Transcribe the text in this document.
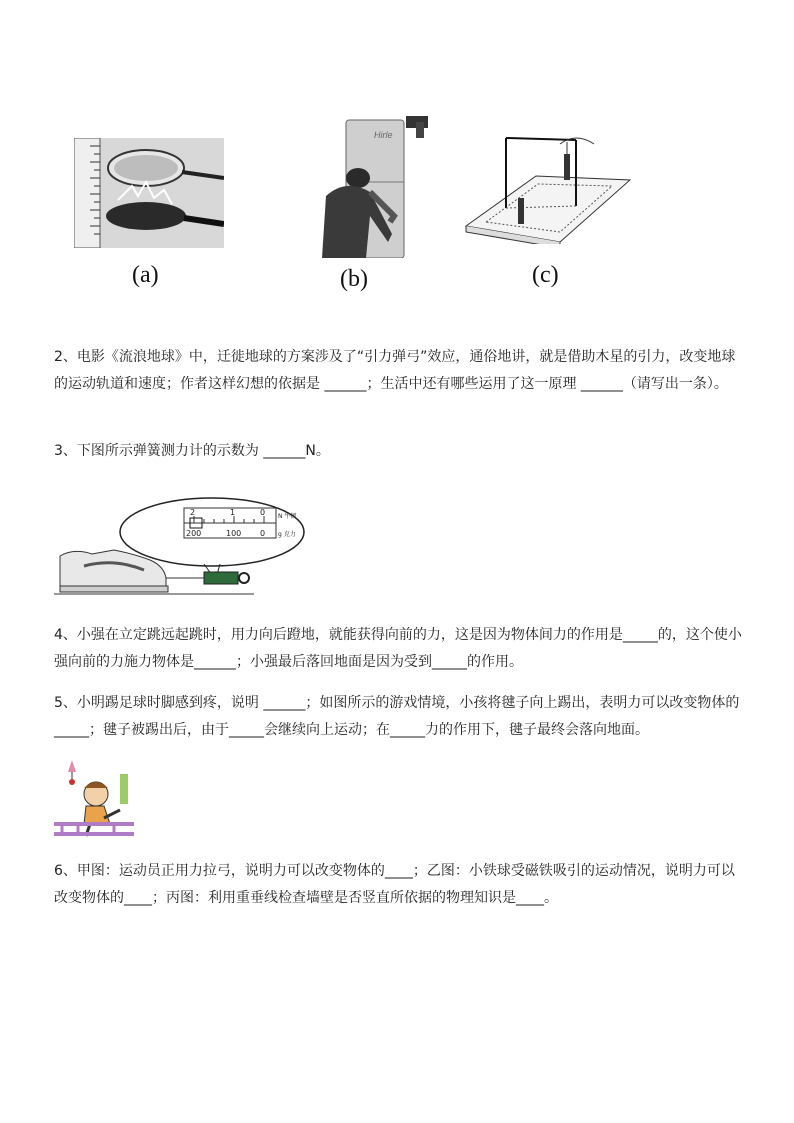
(a)
Hirle
(b)	(c)

2、电影《流浪地球》中，迁徙地球的方案涉及了“引力弹弓”效应，通俗地讲，就是借助木星的引力，改变地球的运动轨道和速度；作者这样幻想的依据是 ______；生活中还有哪些运用了这一原理 ______（请写出一条）。

3、下图所示弹簧测力计的示数为 ______N。

2	1	0
200	100 0
N 牛顿
g 克力

4、小强在立定跳远起跳时，用力向后蹬地，就能获得向前的力，这是因为物体间力的作用是_____的，这个使小强向前的力施力物体是______；小强最后落回地面是因为受到_____的作用。

5、小明踢足球时脚感到疼，说明 ______；如图所示的游戏情境，小孩将毽子向上踢出，表明力可以改变物体的_____；毽子被踢出后，由于_____会继续向上运动；在_____力的作用下，毽子最终会落向地面。

6、甲图：运动员正用力拉弓，说明力可以改变物体的____；乙图：小铁球受磁铁吸引的运动情况，说明力可以改变物体的____；丙图：利用重垂线检查墙壁是否竖直所依据的物理知识是____。
